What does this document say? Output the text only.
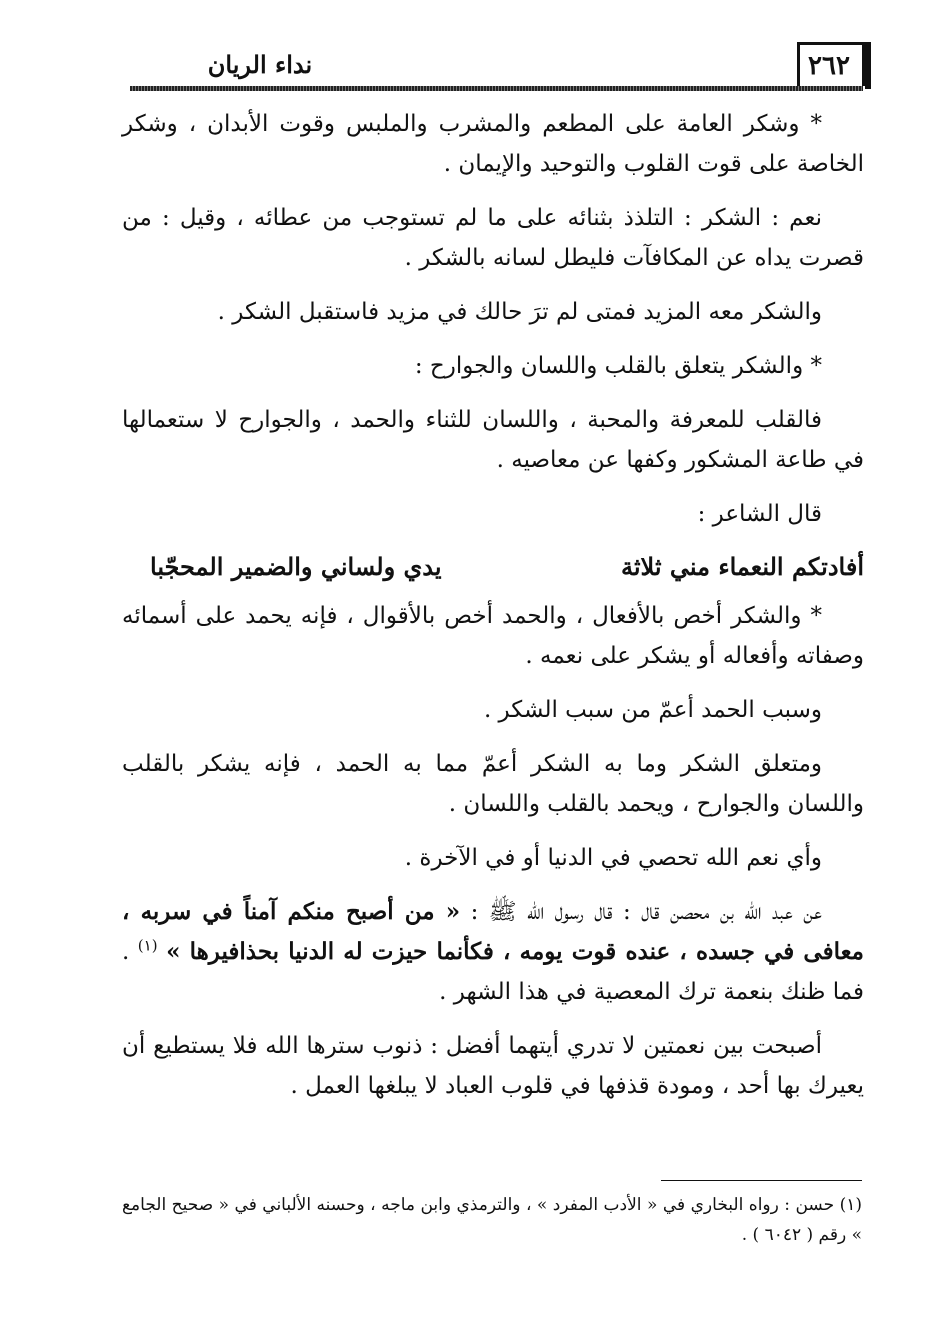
نداء الريان	٢٦٢

* وشكر العامة على المطعم والمشرب والملبس وقوت الأبدان ، وشكر الخاصة على قوت القلوب والتوحيد والإيمان .

نعم : الشكر : التلذذ بثنائه على ما لم تستوجب من عطائه ، وقيل : من قصرت يداه عن المكافآت فليطل لسانه بالشكر .

والشكر معه المزيد فمتى لم ترَ حالك في مزيد فاستقبل الشكر .

* والشكر يتعلق بالقلب واللسان والجوارح :

فالقلب للمعرفة والمحبة ، واللسان للثناء والحمد ، والجوارح لا ستعمالها في طاعة المشكور وكفها عن معاصيه .

قال الشاعر :

أفادتكم النعماء مني ثلاثة
يدي ولساني والضمير المحجّبا

* والشكر أخص بالأفعال ، والحمد أخص بالأقوال ، فإنه يحمد على أسمائه وصفاته وأفعاله أو يشكر على نعمه .

وسبب الحمد أعمّ من سبب الشكر .

ومتعلق الشكر وما به الشكر أعمّ مما به الحمد ، فإنه يشكر بالقلب واللسان والجوارح ، ويحمد بالقلب واللسان .

وأي نعم الله تحصي في الدنيا أو في الآخرة .

عن عبد الله بن محصن قال : قال رسول الله ﷺ : « من أصبح منكم آمناً في سربه ، معافى في جسده ، عنده قوت يومه ، فكأنما حيزت له الدنيا بحذافيرها » $^{(١)}$ . فما ظنك بنعمة ترك المعصية في هذا الشهر .

أصبحت بين نعمتين لا تدري أيتهما أفضل : ذنوب سترها الله فلا يستطيع أن يعيرك بها أحد ، ومودة قذفها في قلوب العباد لا يبلغها العمل .

(١) حسن : رواه البخاري في « الأدب المفرد » ، والترمذي وابن ماجه ، وحسنه الألباني في « صحيح الجامع » رقم ( ٦٠٤٢ ) .
